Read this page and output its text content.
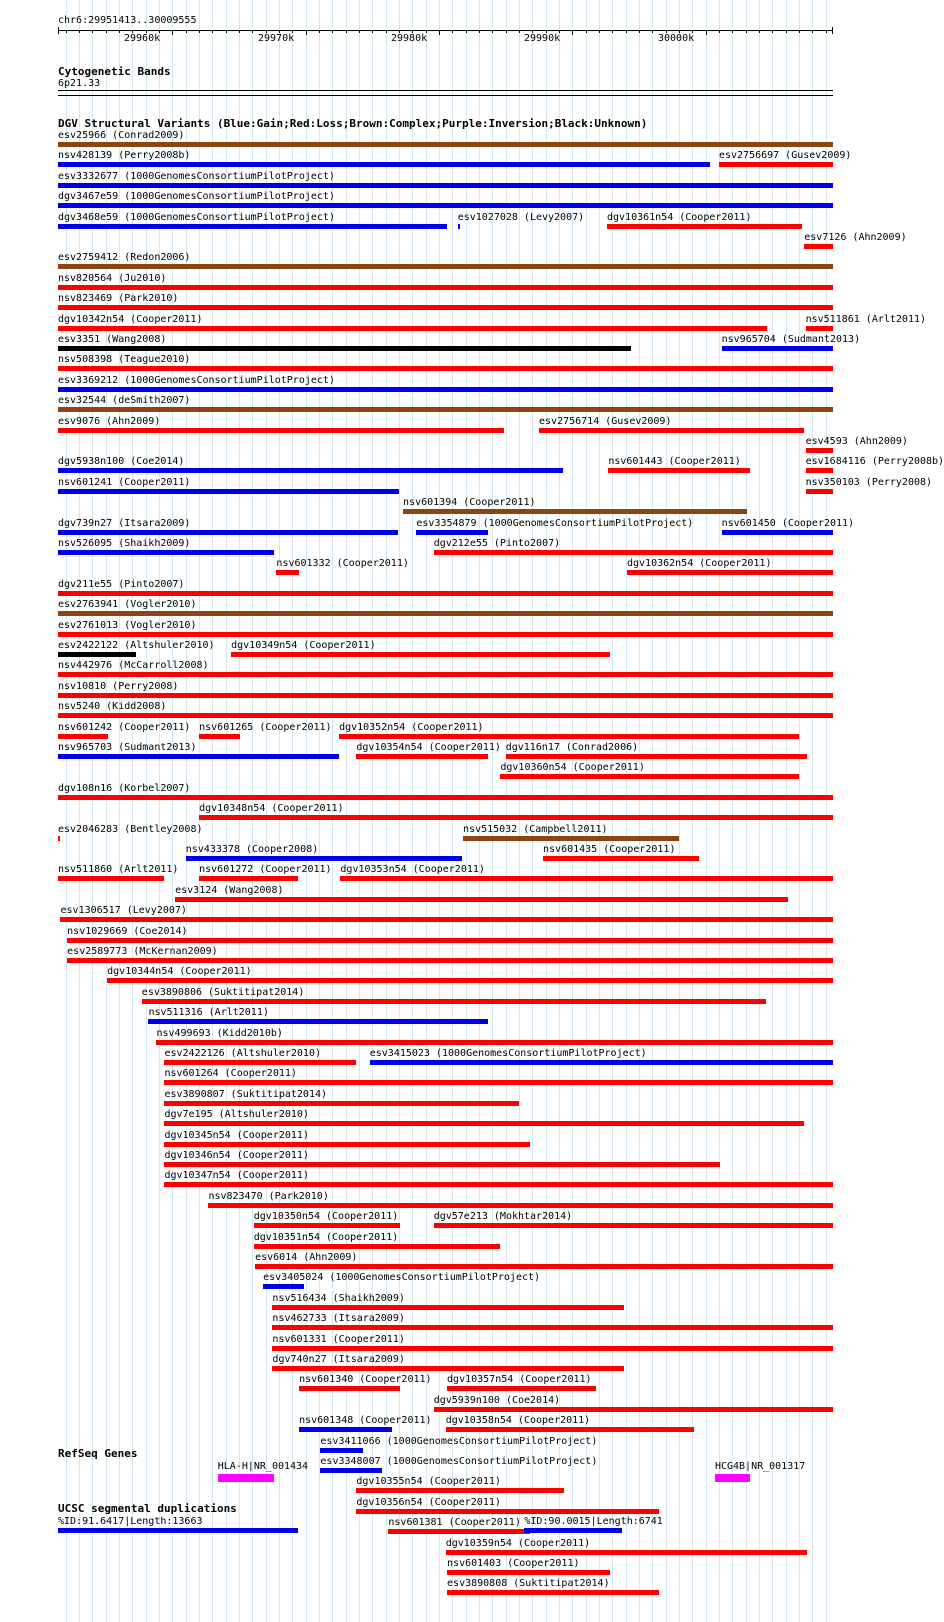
chr6:29951413..30009555
29960k	29970k	29980k	29990k	30000k
Cytogenetic Bands
6p21.33
DGV Structural Variants (Blue:Gain;Red:Loss;Brown:Complex;Purple:Inversion;Black:Unknown)
esv25966 (Conrad2009)
nsv428139 (Perry2008b)	esv2756697 (Gusev2009)
esv3332677 (1000GenomesConsortiumPilotProject)
dgv3467e59 (1000GenomesConsortiumPilotProject)
dgv3468e59 (1000GenomesConsortiumPilotProject)	esv1027028 (Levy2007) dgv10361n54 (Cooper2011)
esv7126 (Ahn2009)
esv2759412 (Redon2006)
nsv820564 (Ju2010)
nsv823469 (Park2010)
dgv10342n54 (Cooper2011)	nsv511861 (Arlt2011)
esv3351 (Wang2008)	nsv965704 (Sudmant2013)
nsv508398 (Teague2010)
esv3369212 (1000GenomesConsortiumPilotProject)
esv32544 (deSmith2007)
esv9076 (Ahn2009)	esv2756714 (Gusev2009)
esv4593 (Ahn2009)
dgv5938n100 (Coe2014)	nsv601443 (Cooper2011)	esv1684116 (Perry2008b)
nsv601241 (Cooper2011)
nsv601394 (Cooper2011)
nsv350103 (Perry2008)
dgv739n27 (Itsara2009)	esv3354879 (1000GenomesConsortiumPilotProject)	nsv601450 (Cooper2011)
nsv526095 (Shaikh2009)
nsv601332 (Cooper2011)
dgv212e55 (Pinto2007)
dgv211e55 (Pinto2007)
esv2763941 (Vogler2010)
esv2761013 (Vogler2010)
esv2422122 (Altshuler2010) dgv10349n54 (Cooper2011)
dgv10362n54 (Cooper2011)
nsv442976 (McCarroll2008)
nsv10810 (Perry2008)
nsv5240 (Kidd2008)
nsv601242 (Cooper2011) nsv601265 (Cooper2011) dgv10352n54 (Cooper2011)
nsv965703 (Sudmant2013)	dgv10354n54 (Cooper2011)
dgv10360n54 (Cooper2011)
dgv108n16 (Korbel2007)
dgv10348n54 (Cooper2011)
esv2046283 (Bentley2008)
nsv433378 (Cooper2008)
nsv515032 (Campbell2011)
nsv511860 (Arlt2011)
esv3124 (Wang2008)
esv1306517 (Levy2007)
nsv601272 (Cooper2011) dgv10353n54 (Cooper2011)
nsv1029669 (Coe2014)
esv2589773 (McKernan2009)
dgv10344n54 (Cooper2011)
esv3890806 (Suktitipat2014)
nsv511316 (Arlt2011)
dgv116n17 (Conrad2006)
nsv499693 (Kidd2010b)
esv2422126 (Altshuler2010)	esv3415023 (1000GenomesConsortiumPilotProject)
nsv601264 (Cooper2011)
esv3890807 (Suktitipat2014)
dgv7e195 (Altshuler2010)
dgv10345n54 (Cooper2011)
nsv601435 (Cooper2011)
dgv10346n54 (Cooper2011)
dgv10347n54 (Cooper2011)
nsv823470 (Park2010)
dgv10350n54 (Cooper2011)	dgv57e213 (Mokhtar2014)
dgv10351n54 (Cooper2011)
esv6014 (Ahn2009)
esv3405024 (1000GenomesConsortiumPilotProject)
nsv516434 (Shaikh2009)
nsv462733 (Itsara2009)
nsv601331 (Cooper2011)
dgv740n27 (Itsara2009)
nsv601340 (Cooper2011)
dgv5939n100 (Coe2014)
nsv601348 (Cooper2011)
dgv10357n54 (Cooper2011)
esv3411066 (1000GenomesConsortiumPilotProject)
esv3348007 (1000GenomesConsortiumPilotProject)
dgv10355n54 (Cooper2011)
dgv10356n54 (Cooper2011)
nsv601381 (Cooper2011)
dgv10358n54 (Cooper2011)
dgv10359n54 (Cooper2011)
nsv601403 (Cooper2011)
esv3890808 (Suktitipat2014)
RefSeq Genes
HLA-H|NR_001434	HCG4B|NR_001317
UCSC segmental duplications
%ID:91.6417|Length:13663	%ID:90.0015|Length:6741
